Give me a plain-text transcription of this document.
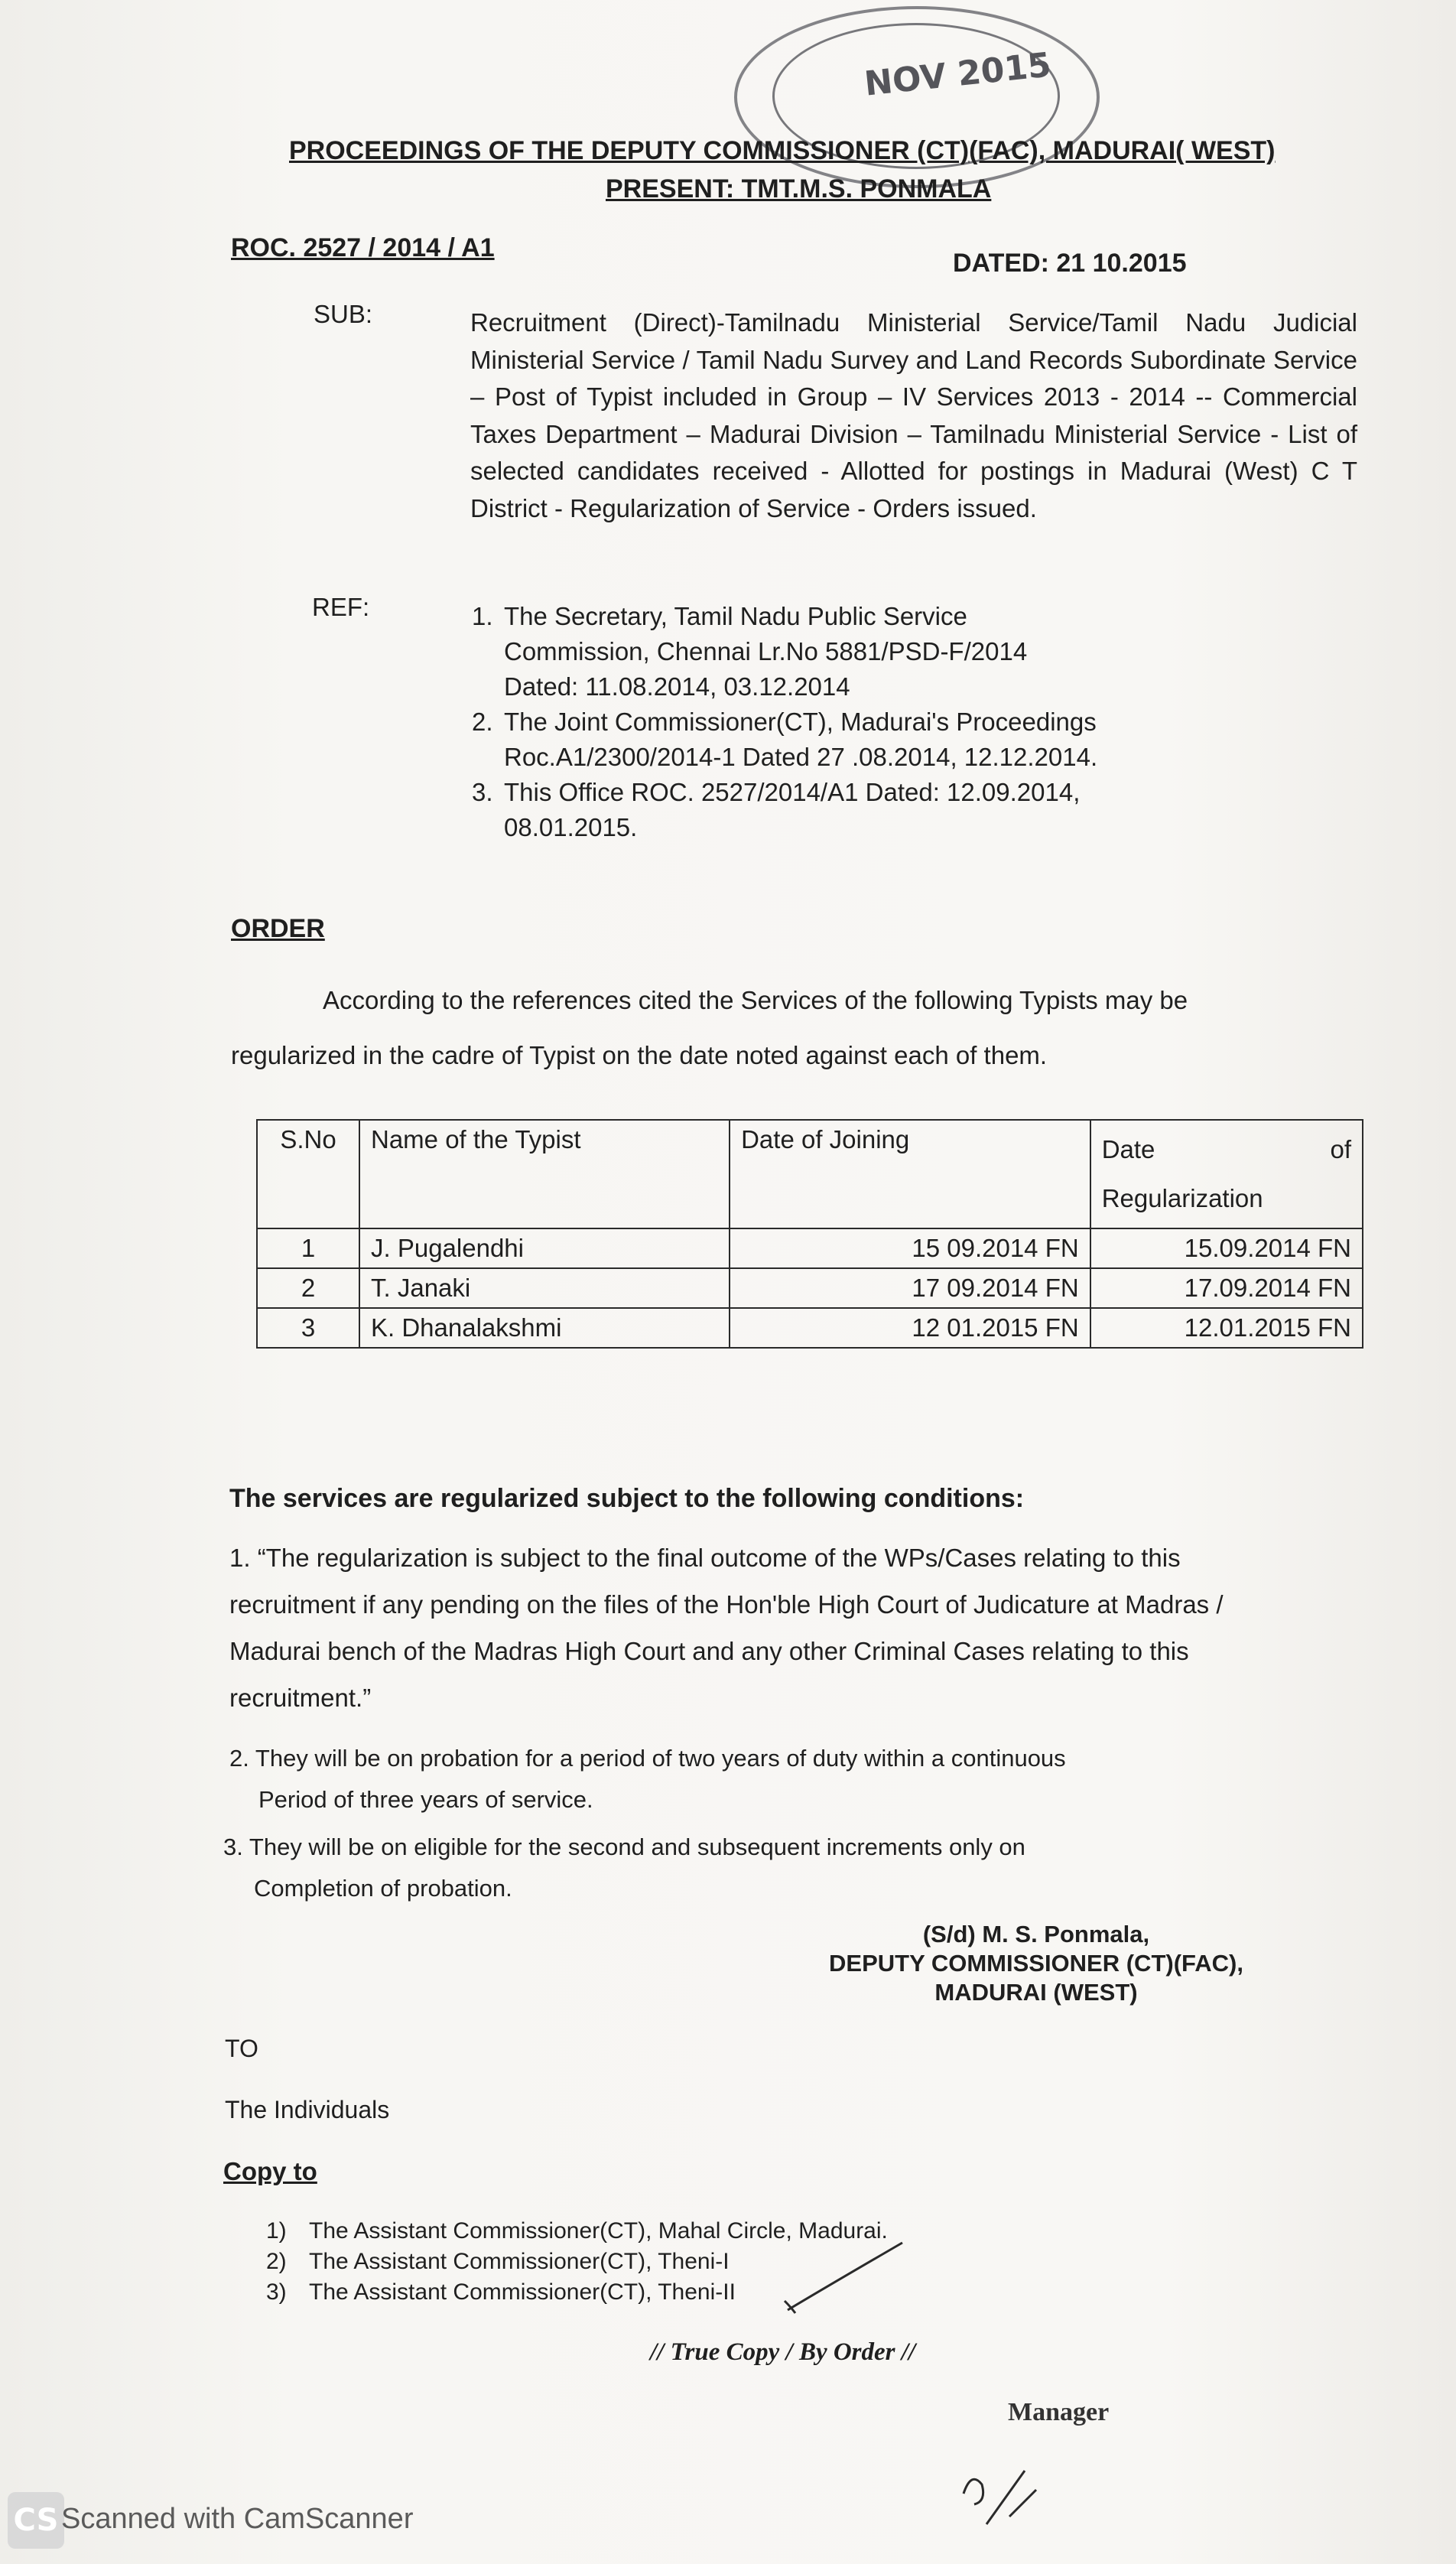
NOV 2015
PROCEEDINGS OF THE DEPUTY COMMISSIONER (CT)(FAC), MADURAI( WEST)
PRESENT: TMT.M.S. PONMALA
ROC. 2527 / 2014 / A1
DATED: 21 10.2015
SUB:	Recruitment (Direct)-Tamilnadu Ministerial Service/Tamil Nadu Judicial Ministerial Service / Tamil Nadu Survey and Land Records Subordinate Service – Post of Typist included in Group – IV Services 2013 - 2014 -- Commercial Taxes Department – Madurai Division – Tamilnadu Ministerial Service - List of selected candidates received - Allotted for postings in Madurai (West) C T District - Regularization of Service - Orders issued.
REF:	1. The Secretary, Tamil Nadu Public Service
Commission, Chennai Lr.No 5881/PSD-F/2014
Dated: 11.08.2014, 03.12.2014
2. The Joint Commissioner(CT), Madurai's Proceedings
Roc.A1/2300/2014-1 Dated 27 .08.2014, 12.12.2014.
3. This Office ROC. 2527/2014/A1 Dated: 12.09.2014,
08.01.2015.
ORDER
According to the references cited the Services of the following Typists may be
regularized in the cadre of Typist on the date noted against each of them.
S.No	Name of the Typist	Date of Joining	Date of
Regularization

1	J. Pugalendhi	15 09.2014 FN	15.09.2014 FN
2	T. Janaki	17 09.2014 FN	17.09.2014 FN
3	K. Dhanalakshmi	12 01.2015 FN	12.01.2015 FN
The services are regularized subject to the following conditions:
1. “The regularization is subject to the final outcome of the WPs/Cases relating to this
recruitment if any pending on the files of the Hon'ble High Court of Judicature at Madras /
Madurai bench of the Madras High Court and any other Criminal Cases relating to this
recruitment.”
2. They will be on probation for a period of two years of duty within a continuous
Period of three years of service.
3. They will be on eligible for the second and subsequent increments only on
Completion of probation.
(S/d) M. S. Ponmala,
DEPUTY COMMISSIONER (CT)(FAC),
MADURAI (WEST)
TO
The Individuals
Copy to
1) The Assistant Commissioner(CT), Mahal Circle, Madurai.
2) The Assistant Commissioner(CT), Theni-I
3) The Assistant Commissioner(CT), Theni-II
// True Copy / By Order //
Manager
CS Scanned with CamScanner
